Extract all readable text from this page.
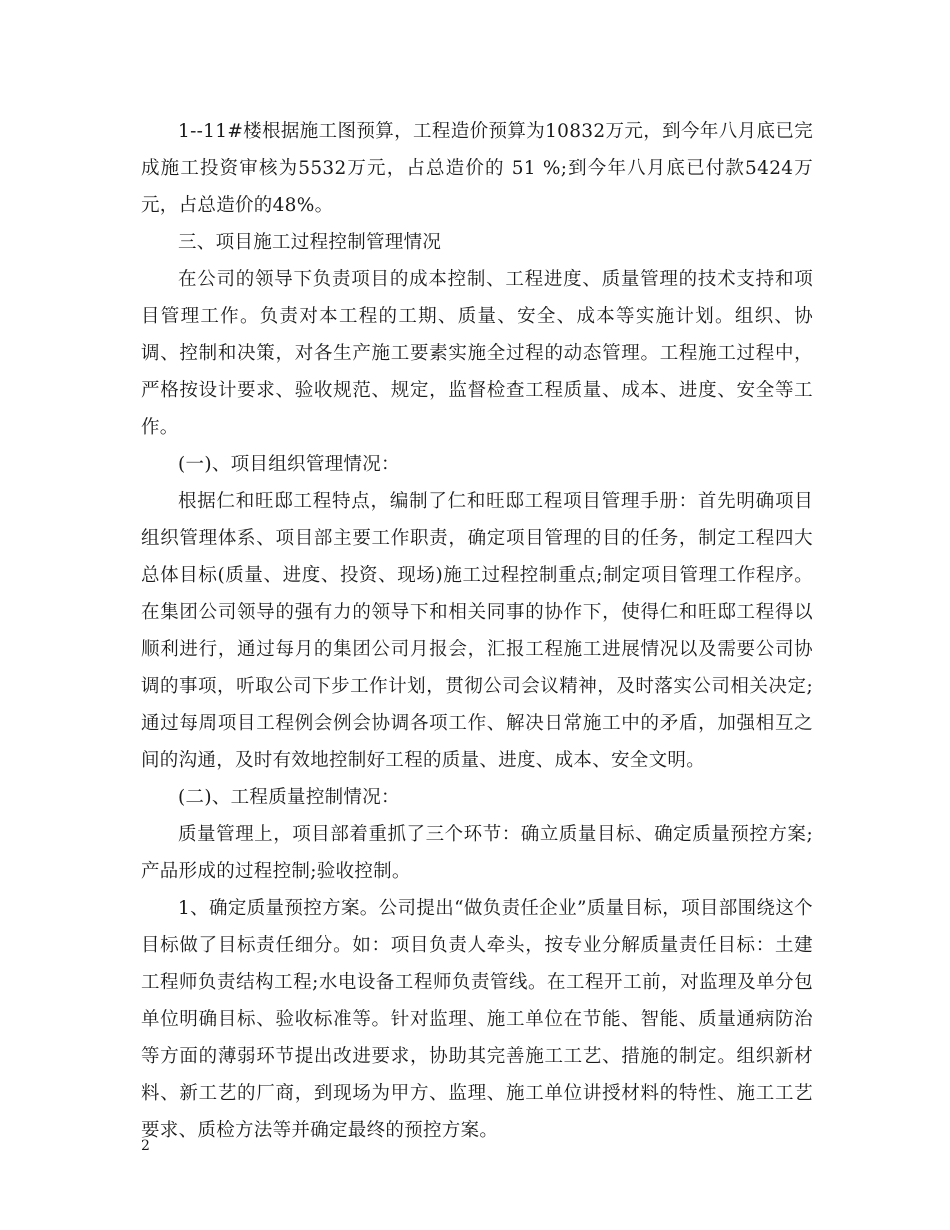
1--11#楼根据施工图预算，工程造价预算为10832万元，到今年八月底已完成施工投资审核为5532万元，占总造价的 51 %;到今年八月底已付款5424万元，占总造价的48%。

三、项目施工过程控制管理情况

在公司的领导下负责项目的成本控制、工程进度、质量管理的技术支持和项目管理工作。负责对本工程的工期、质量、安全、成本等实施计划。组织、协调、控制和决策，对各生产施工要素实施全过程的动态管理。工程施工过程中，严格按设计要求、验收规范、规定，监督检查工程质量、成本、进度、安全等工作。

(一)、项目组织管理情况：

根据仁和旺邸工程特点，编制了仁和旺邸工程项目管理手册：首先明确项目组织管理体系、项目部主要工作职责，确定项目管理的目的任务，制定工程四大总体目标(质量、进度、投资、现场)施工过程控制重点;制定项目管理工作程序。在集团公司领导的强有力的领导下和相关同事的协作下，使得仁和旺邸工程得以顺利进行，通过每月的集团公司月报会，汇报工程施工进展情况以及需要公司协调的事项，听取公司下步工作计划，贯彻公司会议精神，及时落实公司相关决定;通过每周项目工程例会例会协调各项工作、解决日常施工中的矛盾，加强相互之间的沟通，及时有效地控制好工程的质量、进度、成本、安全文明。

(二)、工程质量控制情况：

质量管理上，项目部着重抓了三个环节：确立质量目标、确定质量预控方案;产品形成的过程控制;验收控制。

1、确定质量预控方案。公司提出“做负责任企业”质量目标，项目部围绕这个目标做了目标责任细分。如：项目负责人牵头，按专业分解质量责任目标：土建工程师负责结构工程;水电设备工程师负责管线。在工程开工前，对监理及单分包单位明确目标、验收标准等。针对监理、施工单位在节能、智能、质量通病防治等方面的薄弱环节提出改进要求，协助其完善施工工艺、措施的制定。组织新材料、新工艺的厂商，到现场为甲方、监理、施工单位讲授材料的特性、施工工艺要求、质检方法等并确定最终的预控方案。

2
